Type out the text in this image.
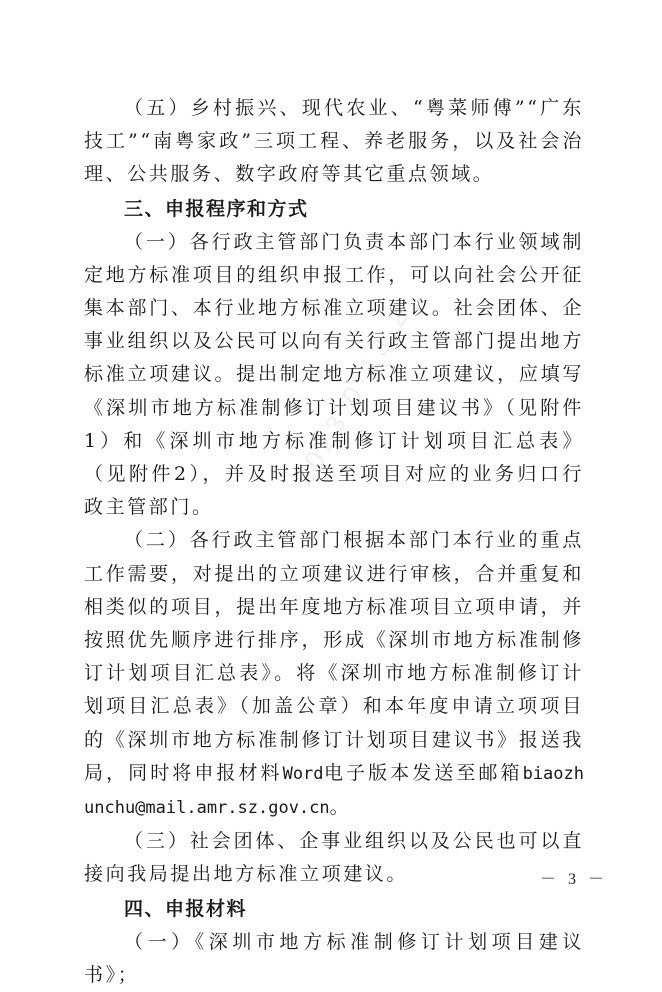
2023.0·13.2

（五）乡村振兴、现代农业、“粤菜师傅”“广东技工”“南粤家政”三项工程、养老服务，以及社会治理、公共服务、数字政府等其它重点领域。

三、申报程序和方式

（一）各行政主管部门负责本部门本行业领域制定地方标准项目的组织申报工作，可以向社会公开征集本部门、本行业地方标准立项建议。社会团体、企事业组织以及公民可以向有关行政主管部门提出地方标准立项建议。提出制定地方标准立项建议，应填写《深圳市地方标准制修订计划项目建议书》（见附件1）和《深圳市地方标准制修订计划项目汇总表》（见附件2），并及时报送至项目对应的业务归口行政主管部门。

（二）各行政主管部门根据本部门本行业的重点工作需要，对提出的立项建议进行审核，合并重复和相类似的项目，提出年度地方标准项目立项申请，并按照优先顺序进行排序，形成《深圳市地方标准制修订计划项目汇总表》。将《深圳市地方标准制修订计划项目汇总表》（加盖公章）和本年度申请立项项目的《深圳市地方标准制修订计划项目建议书》报送我局，同时将申报材料Word电子版本发送至邮箱biaozhunchu@mail.amr.sz.gov.cn。

（三）社会团体、企事业组织以及公民也可以直接向我局提出地方标准立项建议。

四、申报材料

（一）《深圳市地方标准制修订计划项目建议书》；

－ 3 －
